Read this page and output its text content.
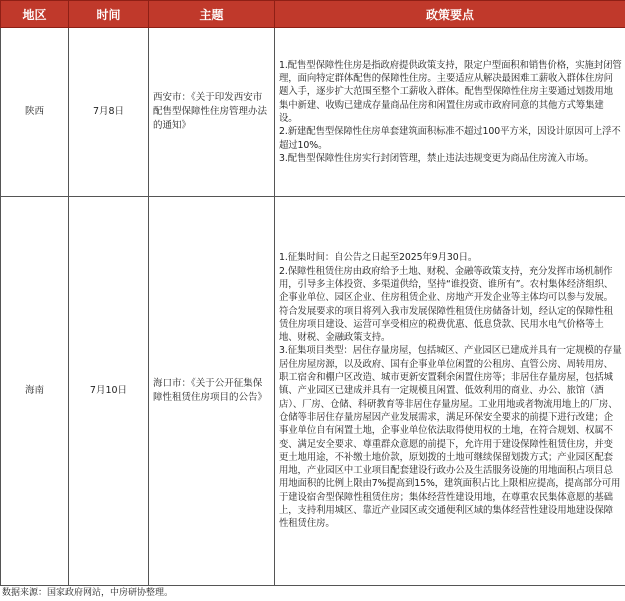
地区	时间	主题	政策要点
陕西	7月8日	西安市：《关于印发西安市配售型保障性住房管理办法的通知》	1.配售型保障性住房是指政府提供政策支持，限定户型面积和销售价格，实施封闭管理，面向特定群体配售的保障性住房。主要适应从解决最困难工薪收入群体住房问题入手，逐步扩大范围至整个工薪收入群体。配售型保障性住房主要通过划拨用地集中新建、收购已建成存量商品住房和闲置住房或市政府同意的其他方式筹集建设。

2.新建配售型保障性住房单套建筑面积标准不超过100平方米，因设计原因可上浮不超过10%。

3.配售型保障性住房实行封闭管理，禁止违法违规变更为商品住房流入市场。

海南	7月10日	海口市：《关于公开征集保障性租赁住房项目的公告》	1.征集时间：自公告之日起至2025年9月30日。

2.保障性租赁住房由政府给予土地、财税、金融等政策支持，充分发挥市场机制作用，引导多主体投资、多渠道供给，坚持“谁投资、谁所有”。农村集体经济组织、企事业单位、园区企业、住房租赁企业、房地产开发企业等主体均可以参与发展。符合发展要求的项目将列入我市发展保障性租赁住房储备计划，经认定的保障性租赁住房项目建设、运营可享受相应的税费优惠、低息贷款、民用水电气价格等土地、财税、金融政策支持。

3.征集项目类型：居住存量房屋，包括城区、产业园区已建成并具有一定规模的存量居住房屋房源，以及政府、国有企事业单位闲置的公租房、直管公房、周转用房、职工宿舍和棚户区改造、城市更新安置剩余闲置住房等；非居住存量房屋，包括城镇、产业园区已建成并具有一定规模且闲置、低效利用的商业、办公、旅馆（酒店）、厂房、仓储、科研教育等非居住存量房屋。工业用地或者物流用地上的厂房、仓储等非居住存量房屋因产业发展需求，满足环保安全要求的前提下进行改建；企事业单位自有闲置土地，企事业单位依法取得使用权的土地，在符合规划、权属不变、满足安全要求、尊重群众意愿的前提下，允许用于建设保障性租赁住房，并变更土地用途，不补缴土地价款，原划拨的土地可继续保留划拨方式；产业园区配套用地，产业园区中工业项目配套建设行政办公及生活服务设施的用地面积占项目总用地面积的比例上限由7%提高到15%，建筑面积占比上限相应提高，提高部分可用于建设宿舍型保障性租赁住房；集体经营性建设用地，在尊重农民集体意愿的基础上，支持利用城区、靠近产业园区或交通便利区域的集体经营性建设用地建设保障性租赁住房。

数据来源：国家政府网站，中房研协整理。
